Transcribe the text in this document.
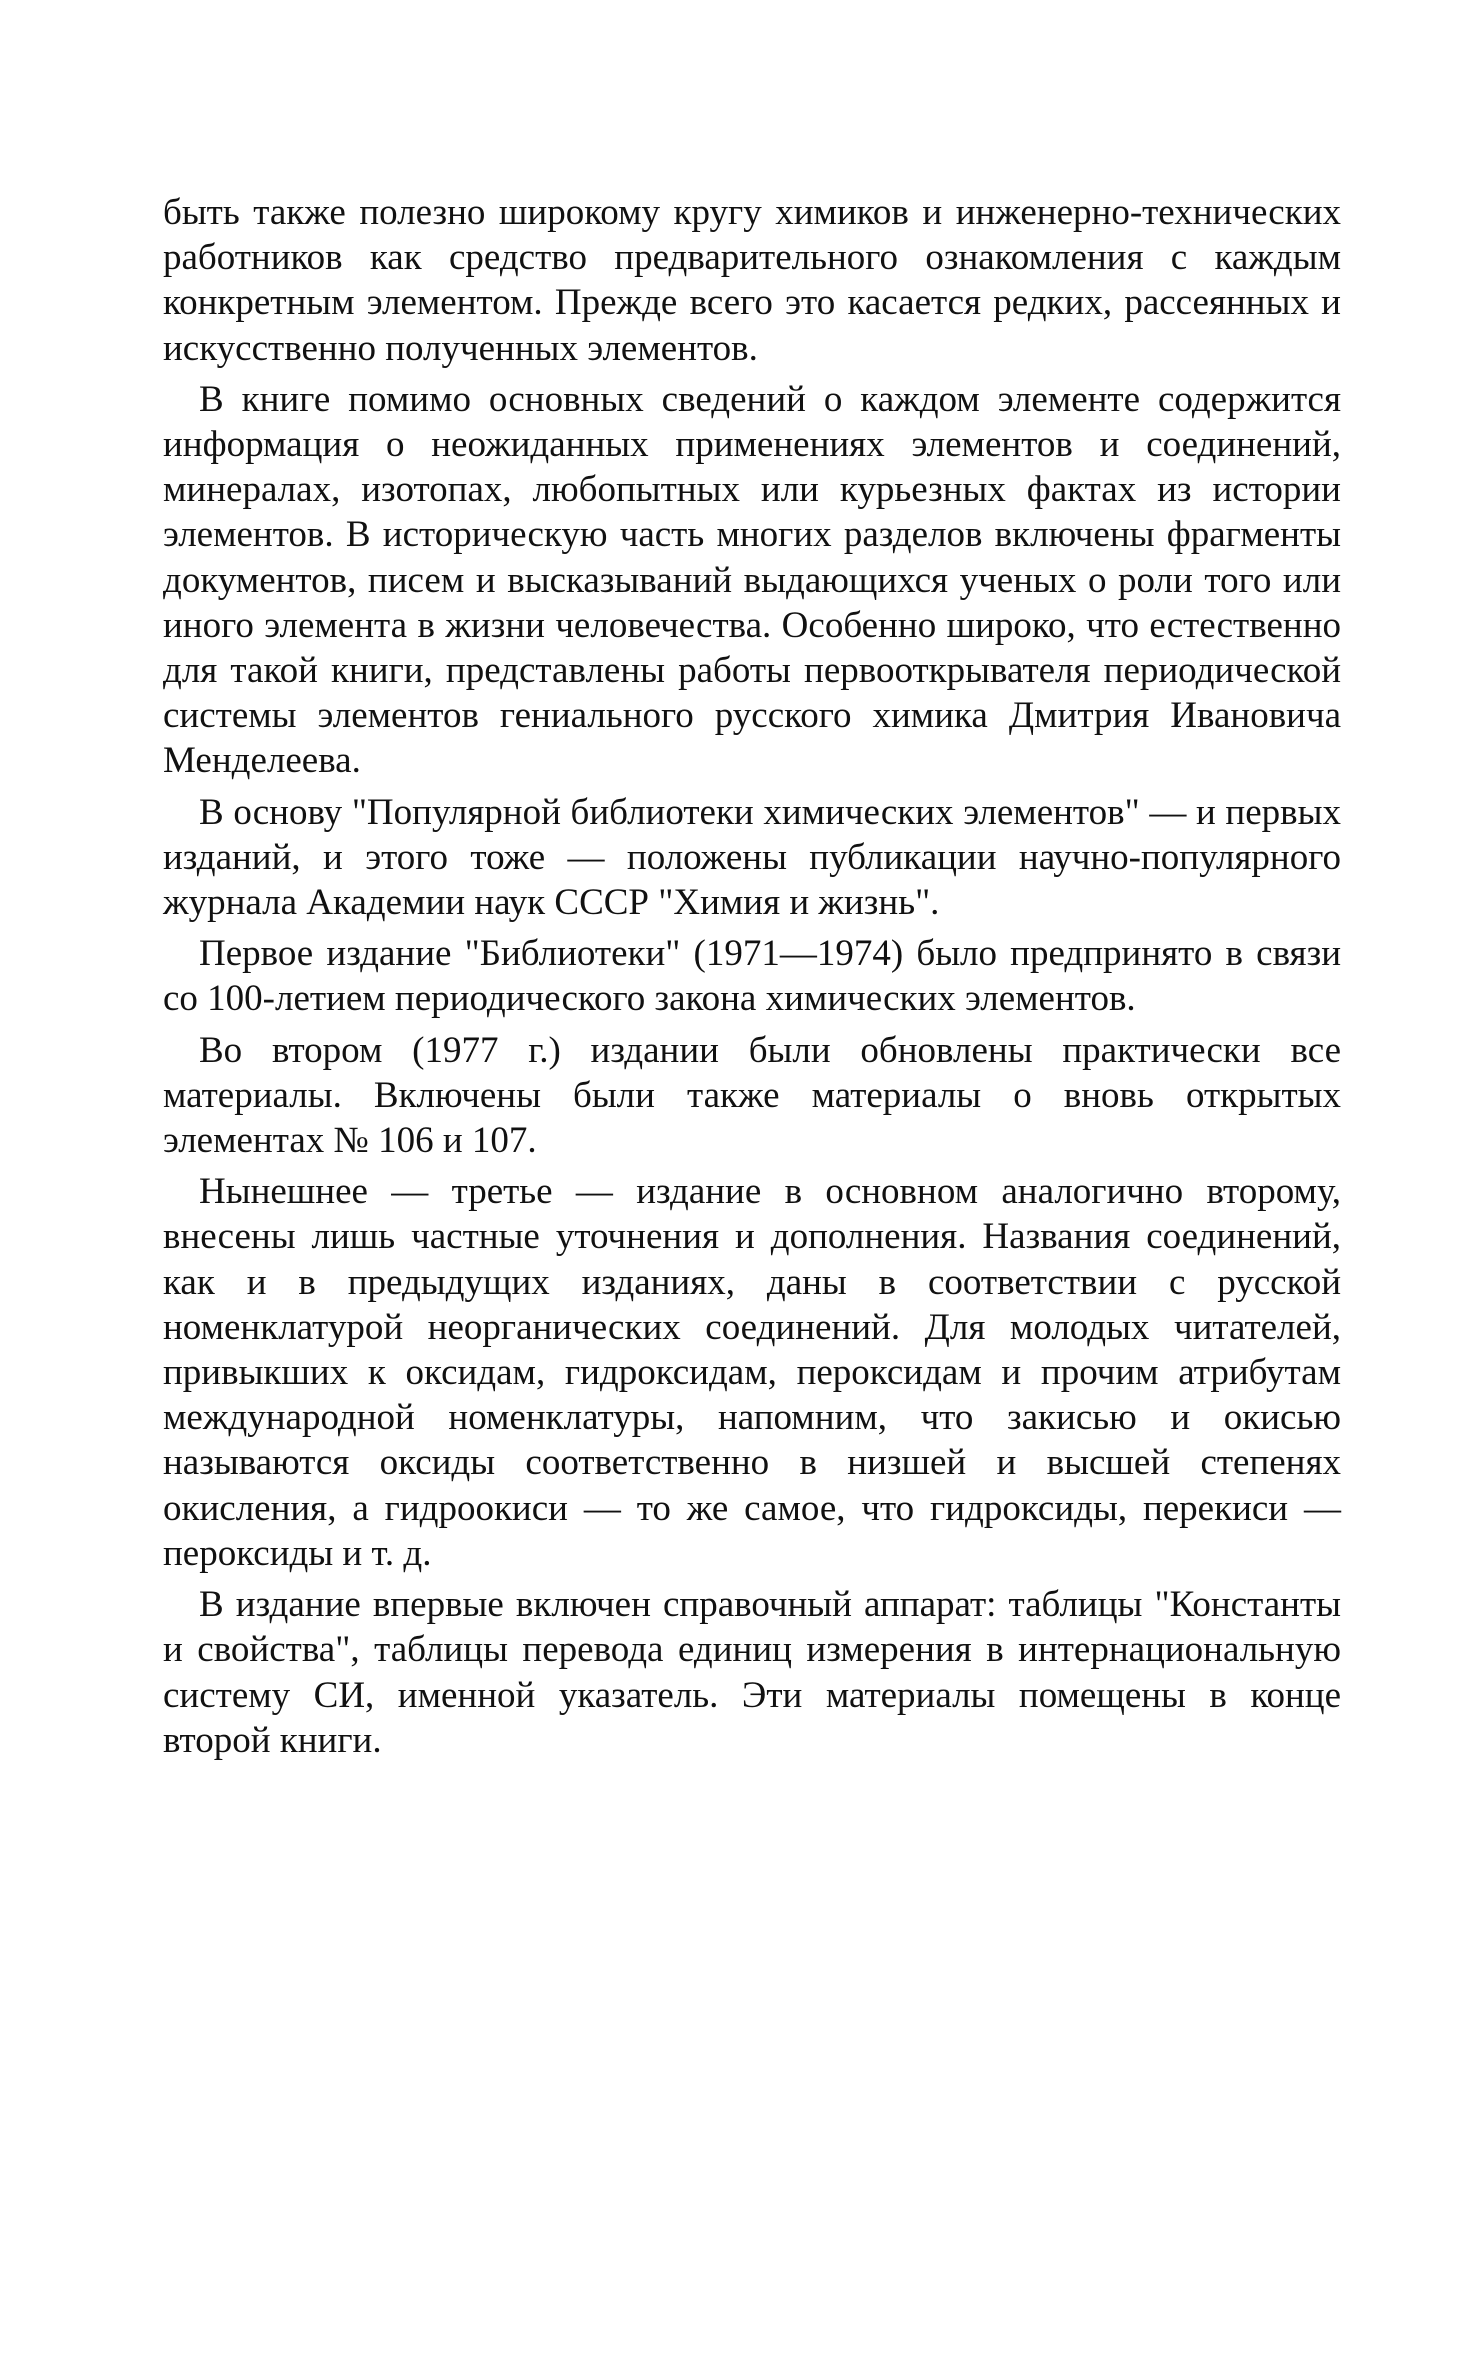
быть также полезно широкому кругу химиков и инженерно-технических работников как средство предварительного ознакомления с каждым конкретным элементом. Прежде всего это касается редких, рассеянных и искусственно полученных элементов.

В книге помимо основных сведений о каждом элементе содержится информация о неожиданных применениях элементов и соединений, минералах, изотопах, любопытных или курьезных фактах из истории элементов. В историческую часть многих разделов включены фрагменты документов, писем и высказываний выдающихся ученых о роли того или иного элемента в жизни человечества. Особенно широко, что естественно для такой книги, представлены работы первооткрывателя периодической системы элементов гениального русского химика Дмитрия Ивановича Менделеева.

В основу "Популярной библиотеки химических элементов" — и первых изданий, и этого тоже — положены публикации научно-популярного журнала Академии наук СССР "Химия и жизнь".

Первое издание "Библиотеки" (1971—1974) было предпринято в связи со 100-летием периодического закона химических элементов.

Во втором (1977 г.) издании были обновлены практически все материалы. Включены были также материалы о вновь открытых элементах № 106 и 107.

Нынешнее — третье — издание в основном аналогично второму, внесены лишь частные уточнения и дополнения. Названия соединений, как и в предыдущих изданиях, даны в соответствии с русской номенклатурой неорганических соединений. Для молодых читателей, привыкших к оксидам, гидроксидам, пероксидам и прочим атрибутам международной номенклатуры, напомним, что закисью и окисью называются оксиды соответственно в низшей и высшей степенях окисления, а гидроокиси — то же самое, что гидроксиды, перекиси — пероксиды и т. д.

В издание впервые включен справочный аппарат: таблицы "Константы и свойства", таблицы перевода единиц измерения в интернациональную систему СИ, именной указатель. Эти материалы помещены в конце второй книги.
